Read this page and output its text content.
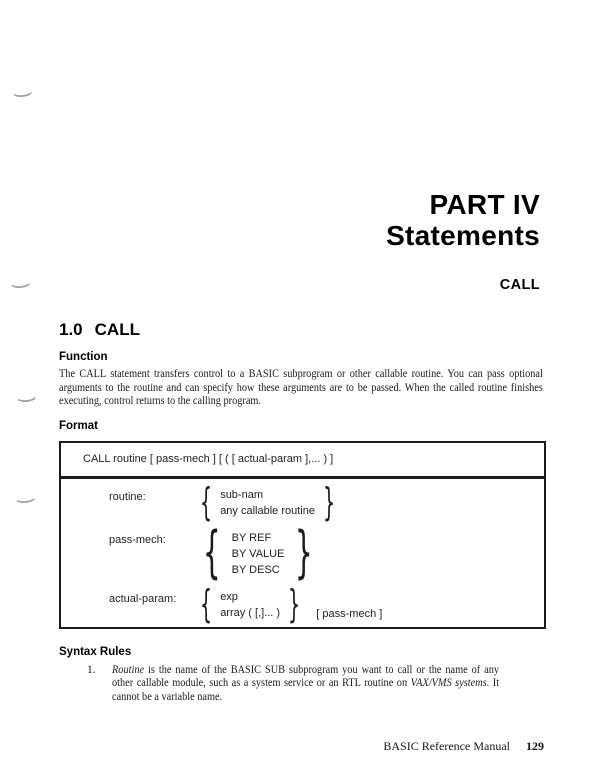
PART IV
Statements
CALL
1.0 CALL
Function

The CALL statement transfers control to a BASIC subprogram or other callable routine. You can pass optional arguments to the routine and can specify how these arguments are to be passed. When the called routine finishes executing, control returns to the calling program.

Format
CALL routine [ pass-mech ] [ ( [ actual-param ],... ) ]
routine:	{ sub-nam
any callable routine }
pass-mech: { BY REF
BY VALUE
BY DESC }
actual-param: { exp
array ( [,]... ) } [ pass-mech ]
Syntax Rules
1.	Routine is the name of the BASIC SUB subprogram you want to call or the name of any other callable module, such as a system service or an RTL routine on VAX/VMS systems. It cannot be a variable name.

BASIC Reference Manual 129
